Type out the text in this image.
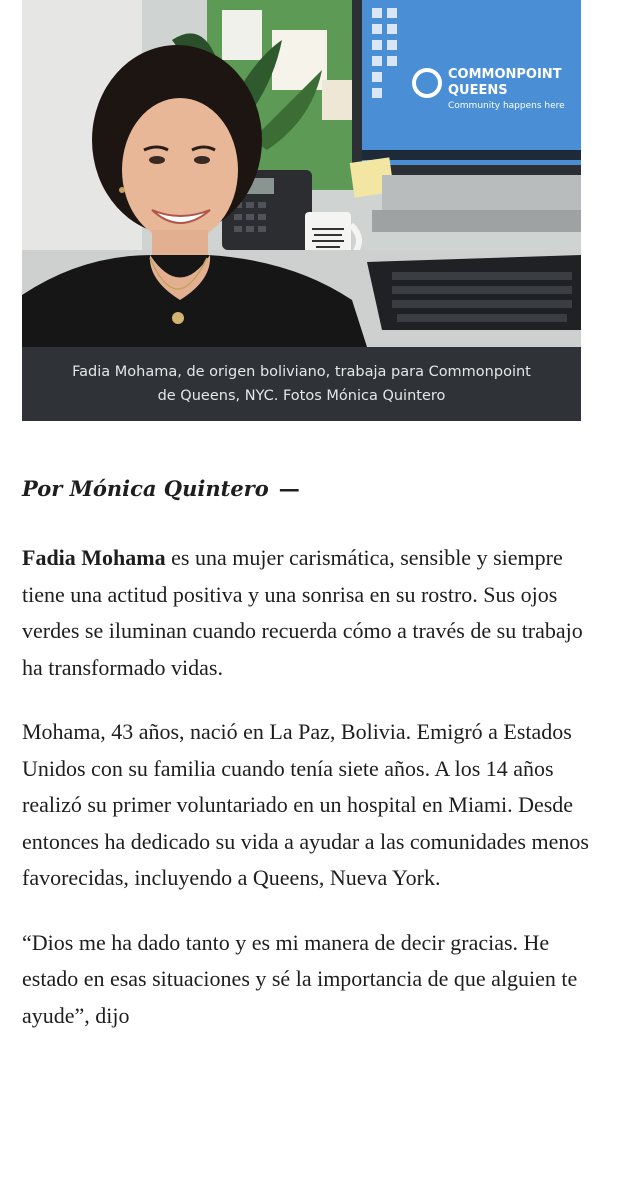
COMMONPOINT
QUEENS
Community happens here
Fadia Mohama, de origen boliviano, trabaja para Commonpoint
de Queens, NYC. Fotos Mónica Quintero
Por Mónica Quintero —

Fadia Mohama es una mujer carismática, sensible y siempre tiene una actitud positiva y una sonrisa en su rostro. Sus ojos verdes se iluminan cuando recuerda cómo a través de su trabajo ha transformado vidas.

Mohama, 43 años, nació en La Paz, Bolivia. Emigró a Estados Unidos con su familia cuando tenía siete años. A los 14 años realizó su primer voluntariado en un hospital en Miami. Desde entonces ha dedicado su vida a ayudar a las comunidades menos favorecidas, incluyendo a Queens, Nueva York.

“Dios me ha dado tanto y es mi manera de decir gracias. He estado en esas situaciones y sé la importancia de que alguien te ayude”, dijo
